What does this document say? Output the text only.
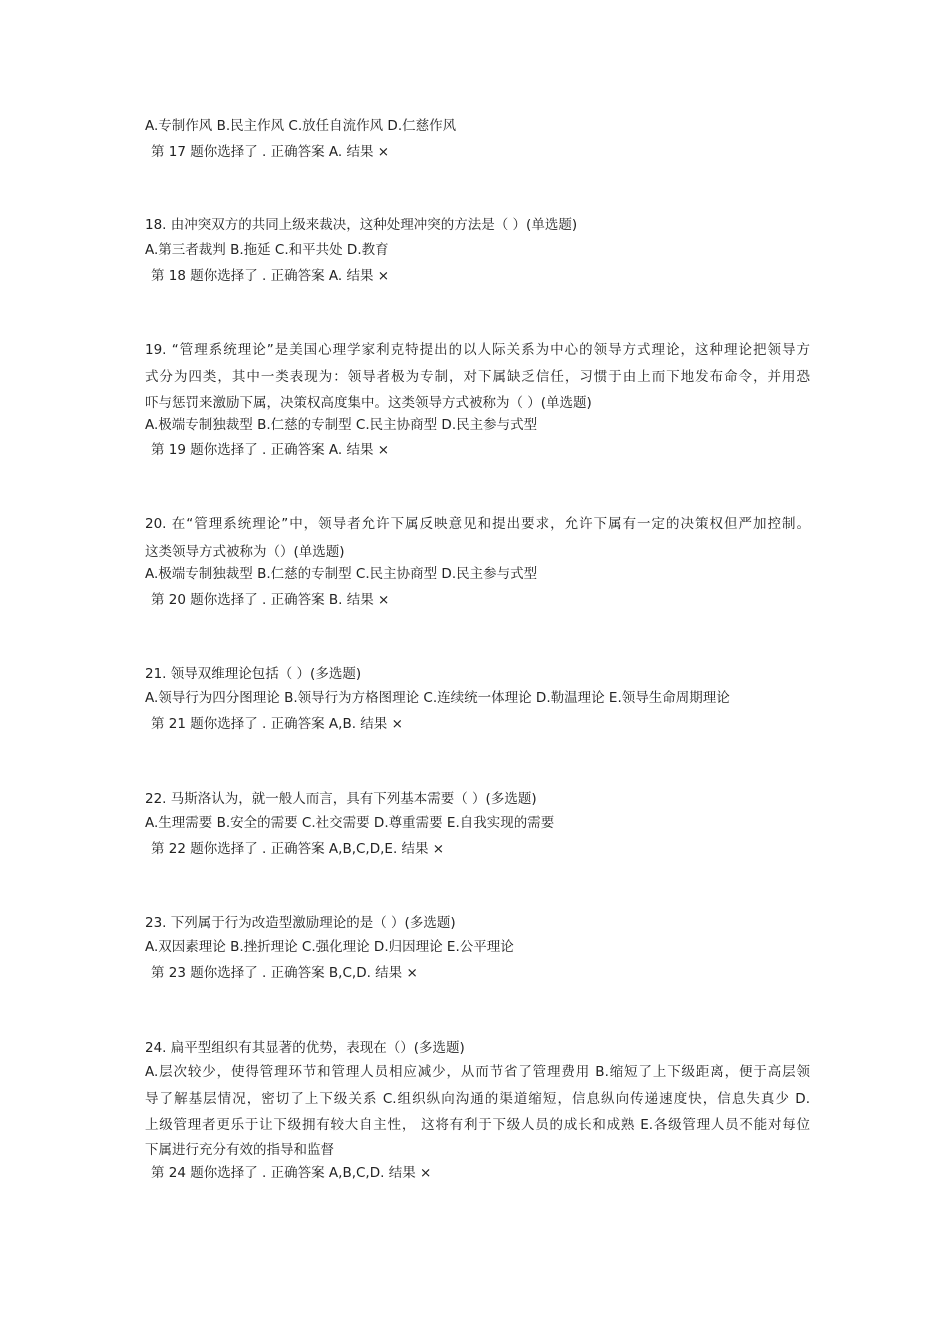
A.专制作风 B.民主作风 C.放任自流作风 D.仁慈作风
第 17 题你选择了 . 正确答案 A. 结果 ×
18. 由冲突双方的共同上级来裁决，这种处理冲突的方法是（ ）(单选题)
A.第三者裁判 B.拖延 C.和平共处 D.教育
第 18 题你选择了 . 正确答案 A. 结果 ×
19. “管理系统理论”是美国心理学家利克特提出的以人际关系为中心的领导方式理论，这种理论把领导方
式分为四类，其中一类表现为：领导者极为专制，对下属缺乏信任，习惯于由上而下地发布命令，并用恐
吓与惩罚来激励下属，决策权高度集中。这类领导方式被称为（ ）(单选题)
A.极端专制独裁型 B.仁慈的专制型 C.民主协商型 D.民主参与式型
第 19 题你选择了 . 正确答案 A. 结果 ×
20. 在“管理系统理论”中，领导者允许下属反映意见和提出要求，允许下属有一定的决策权但严加控制。
这类领导方式被称为（）(单选题)
A.极端专制独裁型 B.仁慈的专制型 C.民主协商型 D.民主参与式型
第 20 题你选择了 . 正确答案 B. 结果 ×
21. 领导双维理论包括（ ）(多选题)
A.领导行为四分图理论 B.领导行为方格图理论 C.连续统一体理论 D.勒温理论 E.领导生命周期理论
第 21 题你选择了 . 正确答案 A,B. 结果 ×
22. 马斯洛认为，就一般人而言，具有下列基本需要（ ）(多选题)
A.生理需要 B.安全的需要 C.社交需要 D.尊重需要 E.自我实现的需要
第 22 题你选择了 . 正确答案 A,B,C,D,E. 结果 ×
23. 下列属于行为改造型激励理论的是（ ）(多选题)
A.双因素理论 B.挫折理论 C.强化理论 D.归因理论 E.公平理论
第 23 题你选择了 . 正确答案 B,C,D. 结果 ×
24. 扁平型组织有其显著的优势，表现在（）(多选题)
A.层次较少，使得管理环节和管理人员相应减少，从而节省了管理费用 B.缩短了上下级距离，便于高层领
导了解基层情况，密切了上下级关系 C.组织纵向沟通的渠道缩短，信息纵向传递速度快，信息失真少 D.
上级管理者更乐于让下级拥有较大自主性， 这将有利于下级人员的成长和成熟 E.各级管理人员不能对每位
下属进行充分有效的指导和监督
第 24 题你选择了 . 正确答案 A,B,C,D. 结果 ×
